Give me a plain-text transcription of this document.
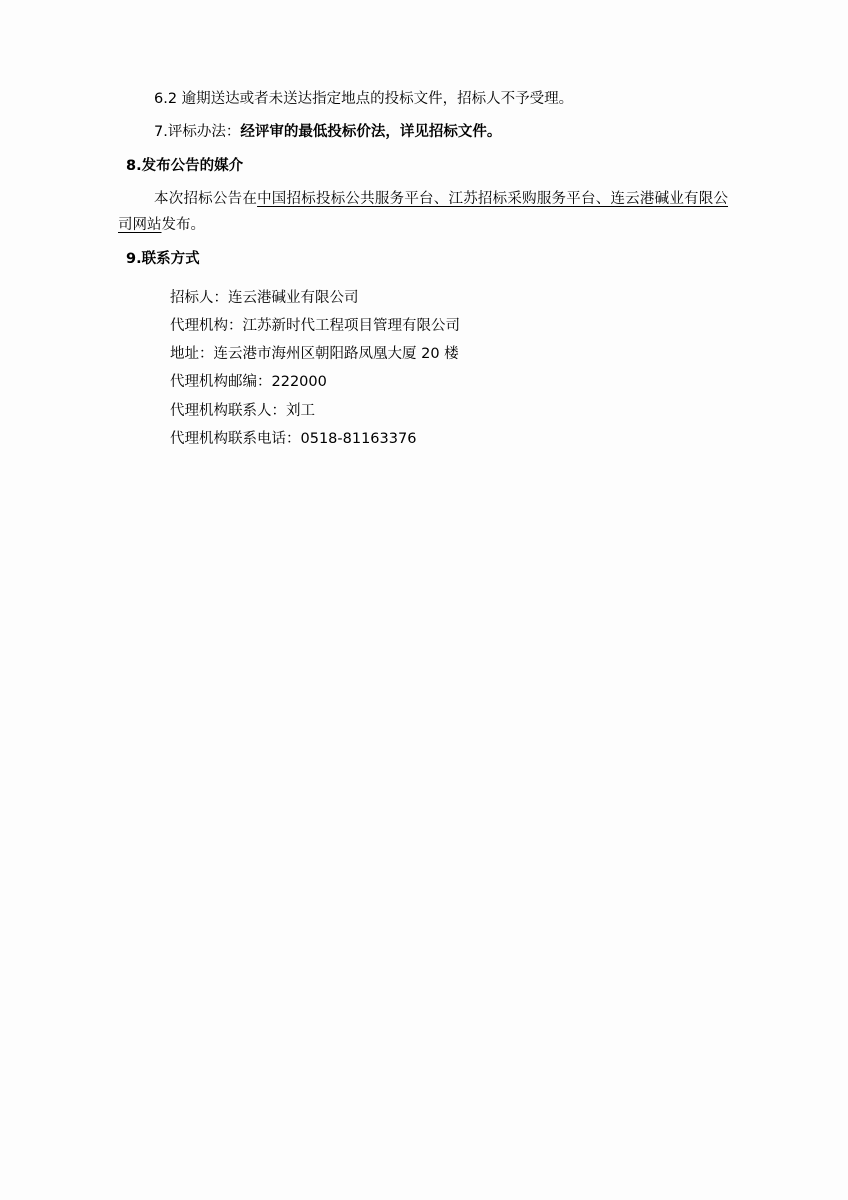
6.2 逾期送达或者未送达指定地点的投标文件，招标人不予受理。

7.评标办法：经评审的最低投标价法，详见招标文件。

8.发布公告的媒介

本次招标公告在中国招标投标公共服务平台、江苏招标采购服务平台、连云港碱业有限公司网站发布。

9.联系方式

招标人：连云港碱业有限公司

代理机构：江苏新时代工程项目管理有限公司

地址：连云港市海州区朝阳路凤凰大厦 20 楼

代理机构邮编：222000

代理机构联系人：刘工

代理机构联系电话：0518-81163376
